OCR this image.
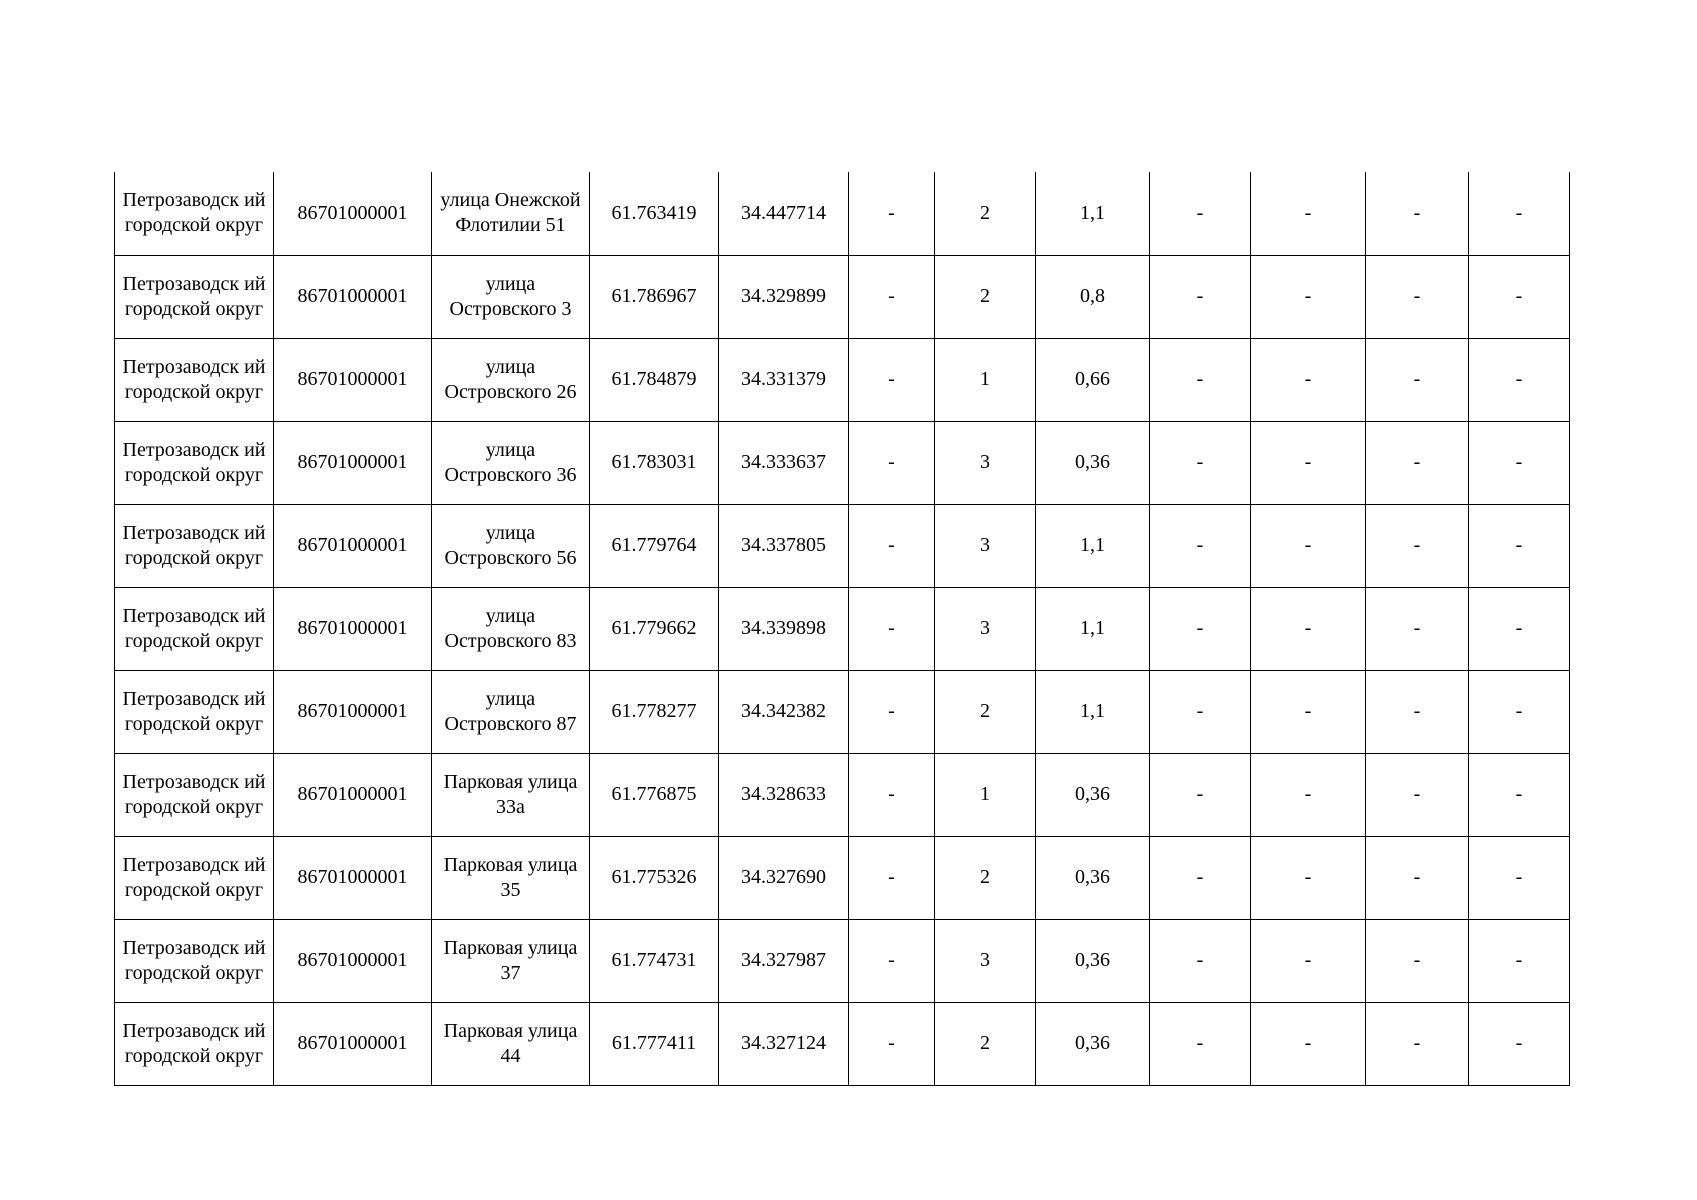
Петрозаводск ий городской округ	86701000001	улица Онежской Флотилии 51	61.763419	34.447714	-	2	1,1	-	-	-	-
Петрозаводск ий городской округ	86701000001	улица Островского 3	61.786967	34.329899	-	2	0,8	-	-	-	-
Петрозаводск ий городской округ	86701000001	улица Островского 26	61.784879	34.331379	-	1	0,66	-	-	-	-
Петрозаводск ий городской округ	86701000001	улица Островского 36	61.783031	34.333637	-	3	0,36	-	-	-	-
Петрозаводск ий городской округ	86701000001	улица Островского 56	61.779764	34.337805	-	3	1,1	-	-	-	-
Петрозаводск ий городской округ	86701000001	улица Островского 83	61.779662	34.339898	-	3	1,1	-	-	-	-
Петрозаводск ий городской округ	86701000001	улица Островского 87	61.778277	34.342382	-	2	1,1	-	-	-	-
Петрозаводск ий городской округ	86701000001	Парковая улица 33а	61.776875	34.328633	-	1	0,36	-	-	-	-
Петрозаводск ий городской округ	86701000001	Парковая улица 35	61.775326	34.327690	-	2	0,36	-	-	-	-
Петрозаводск ий городской округ	86701000001	Парковая улица 37	61.774731	34.327987	-	3	0,36	-	-	-	-
Петрозаводск ий городской округ	86701000001	Парковая улица 44	61.777411	34.327124	-	2	0,36	-	-	-	-
